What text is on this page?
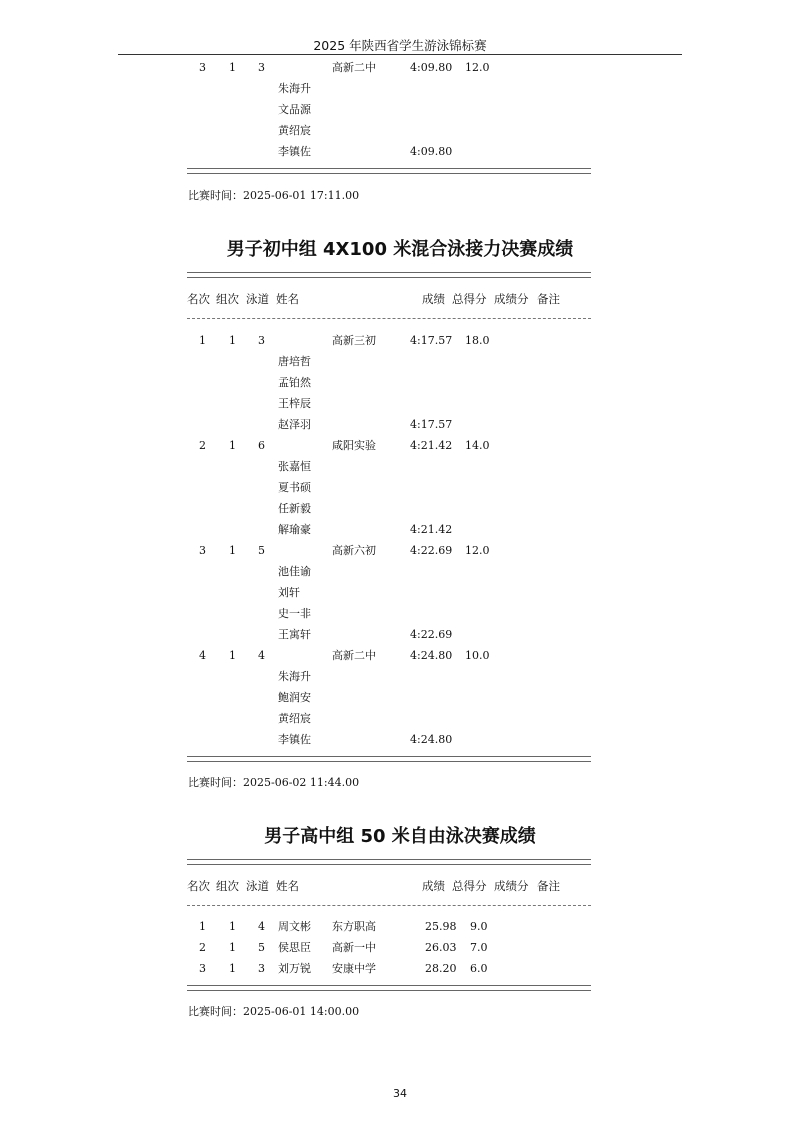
2025 年陕西省学生游泳锦标赛
3 1 3	高新二中	4:09.80 12.0
朱海升
文品源
黄绍宸
李镇佐	4:09.80
比赛时间：2025-06-01 17:11.00
男子初中组 4X100 米混合泳接力决赛成绩
名次 组次 泳道 姓名	成绩 总得分 成绩分 备注
1 1 3	高新三初	4:17.57 18.0
唐培哲
孟铂然
王梓辰
赵泽羽	4:17.57
2 1 6	咸阳实验	4:21.42 14.0
张嘉恒
夏书硕
任新毅
解瑜豪	4:21.42
3 1 5	高新六初	4:22.69 12.0
池佳谕
刘轩
史一非
王寓轩	4:22.69
4 1 4	高新二中	4:24.80 10.0
朱海升
鲍润安
黄绍宸
李镇佐	4:24.80
比赛时间：2025-06-02 11:44.00
男子高中组 50 米自由泳决赛成绩
名次 组次 泳道 姓名	成绩 总得分 成绩分 备注
1 1 4 周文彬 东方职高	25.98 9.0
2 1 5 侯思臣 高新一中	26.03 7.0
3 1 3 刘万锐 安康中学	28.20 6.0
比赛时间：2025-06-01 14:00.00
34
